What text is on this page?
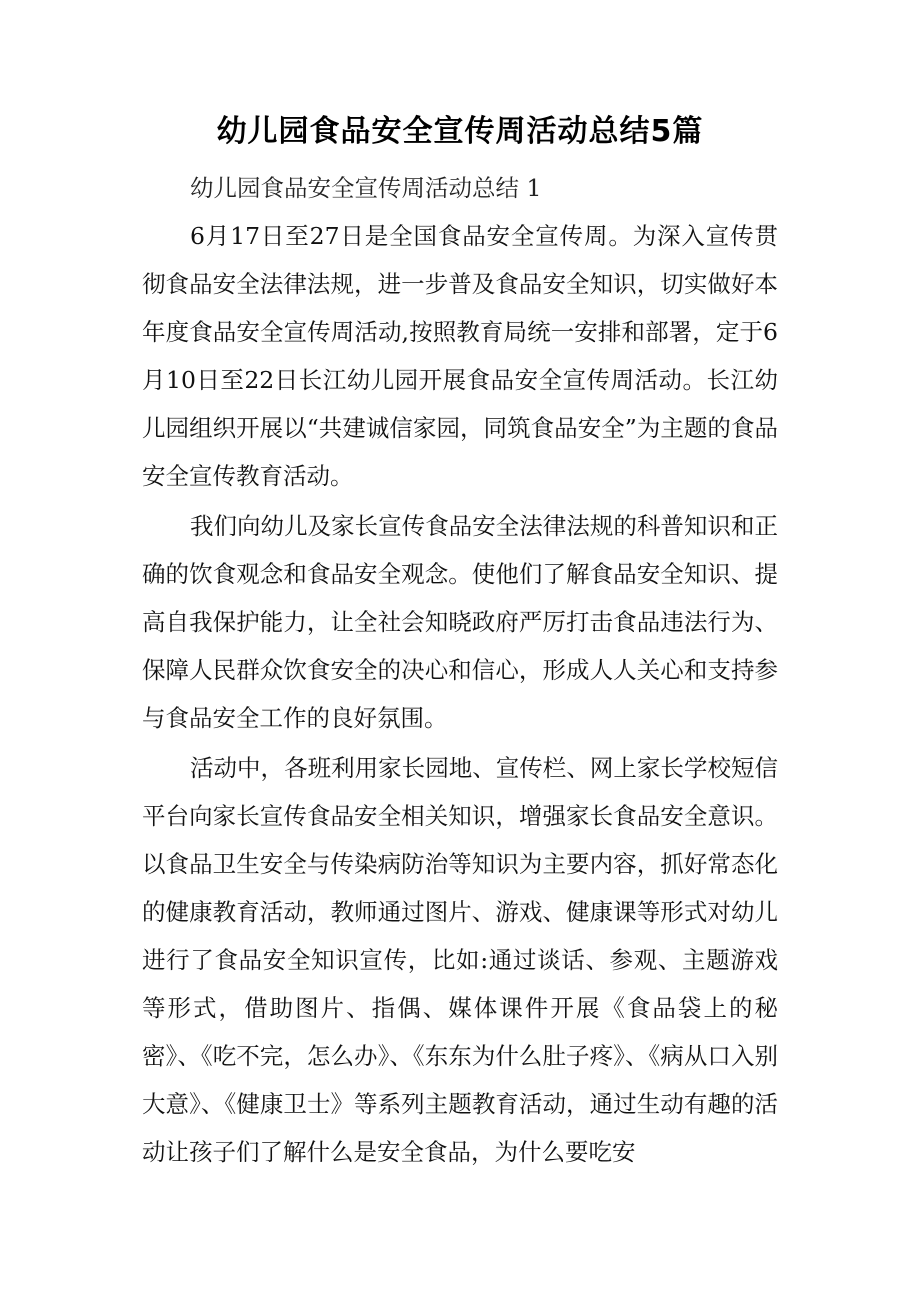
幼儿园食品安全宣传周活动总结5篇

幼儿园食品安全宣传周活动总结 1

6月17日至27日是全国食品安全宣传周。为深入宣传贯彻食品安全法律法规，进一步普及食品安全知识，切实做好本年度食品安全宣传周活动,按照教育局统一安排和部署，定于6月10日至22日长江幼儿园开展食品安全宣传周活动。长江幼儿园组织开展以“共建诚信家园，同筑食品安全”为主题的食品安全宣传教育活动。

我们向幼儿及家长宣传食品安全法律法规的科普知识和正确的饮食观念和食品安全观念。使他们了解食品安全知识、提高自我保护能力，让全社会知晓政府严厉打击食品违法行为、保障人民群众饮食安全的决心和信心，形成人人关心和支持参与食品安全工作的良好氛围。

活动中，各班利用家长园地、宣传栏、网上家长学校短信平台向家长宣传食品安全相关知识，增强家长食品安全意识。以食品卫生安全与传染病防治等知识为主要内容，抓好常态化的健康教育活动，教师通过图片、游戏、健康课等形式对幼儿进行了食品安全知识宣传，比如:通过谈话、参观、主题游戏等形式，借助图片、指偶、媒体课件开展《食品袋上的秘密》、《吃不完，怎么办》、《东东为什么肚子疼》、《病从口入别大意》、《健康卫士》等系列主题教育活动，通过生动有趣的活动让孩子们了解什么是安全食品，为什么要吃安
